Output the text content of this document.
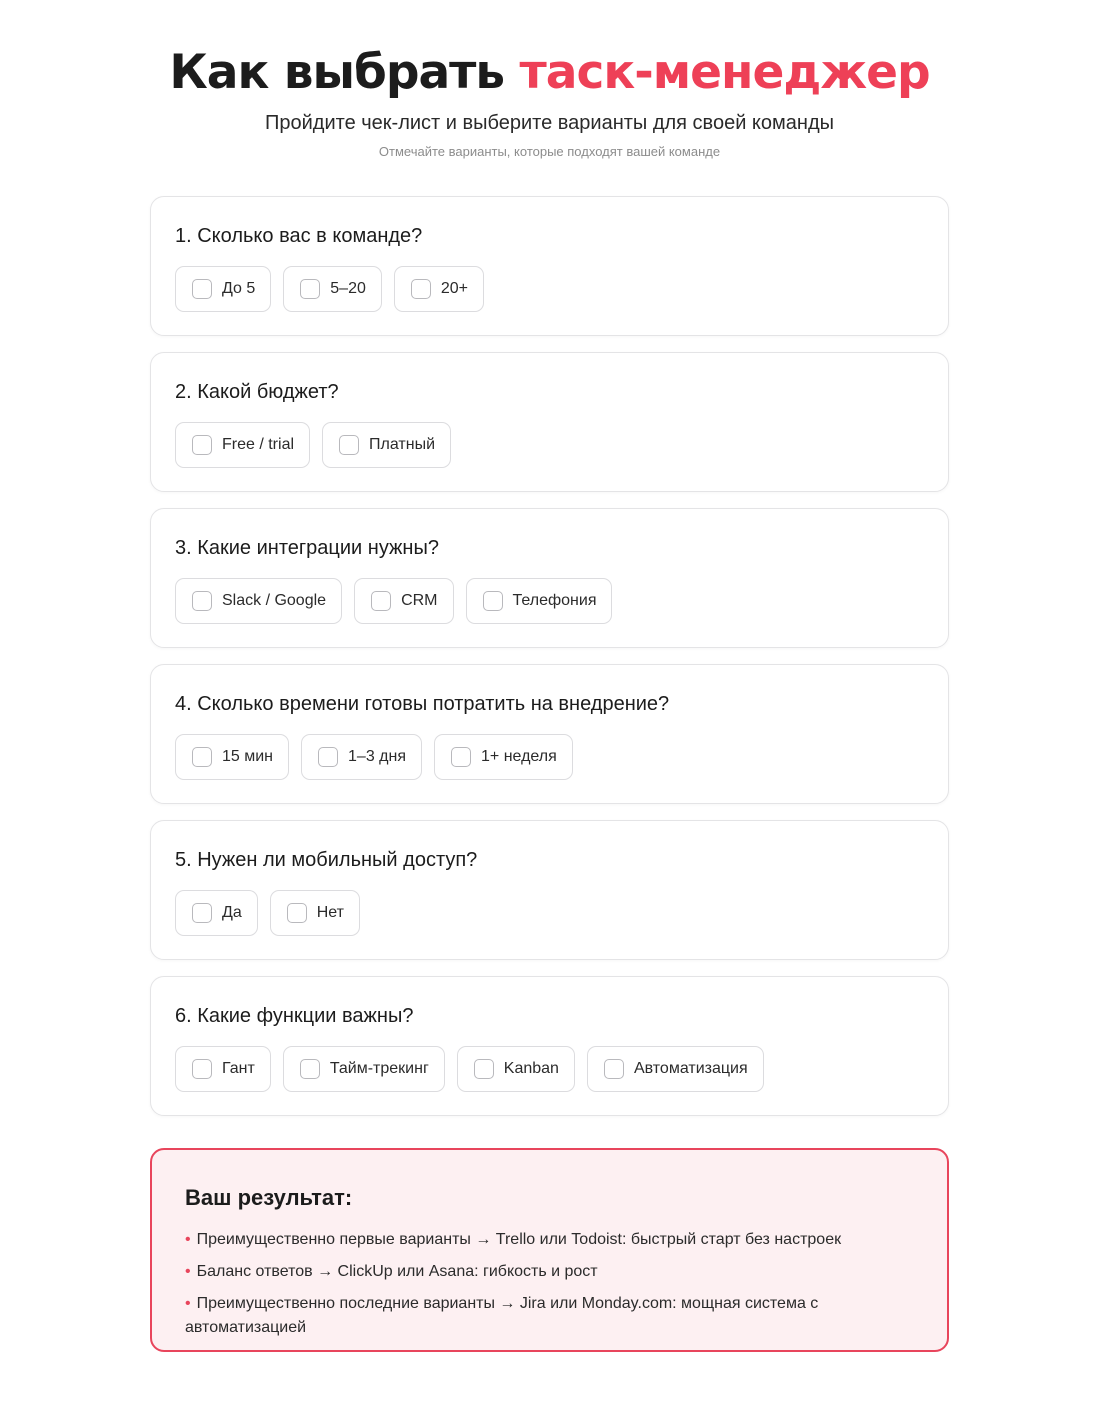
Как выбрать таск-менеджер
Пройдите чек-лист и выберите варианты для своей команды
Отмечайте варианты, которые подходят вашей команде
1. Сколько вас в команде?
До 5	5–20	20+
2. Какой бюджет?
Free / trial	Платный
3. Какие интеграции нужны?
Slack / Google	CRM	Телефония
4. Сколько времени готовы потратить на внедрение?
15 мин	1–3 дня	1+ неделя
5. Нужен ли мобильный доступ?
Да	Нет
6. Какие функции важны?
Гант	Тайм-трекинг	Kanban	Автоматизация
Ваш результат:
• Преимущественно первые варианты → Trello или Todoist: быстрый старт без настроек
• Баланс ответов → ClickUp или Asana: гибкость и рост
• Преимущественно последние варианты → Jira или Monday.com: мощная система с автоматизацией
